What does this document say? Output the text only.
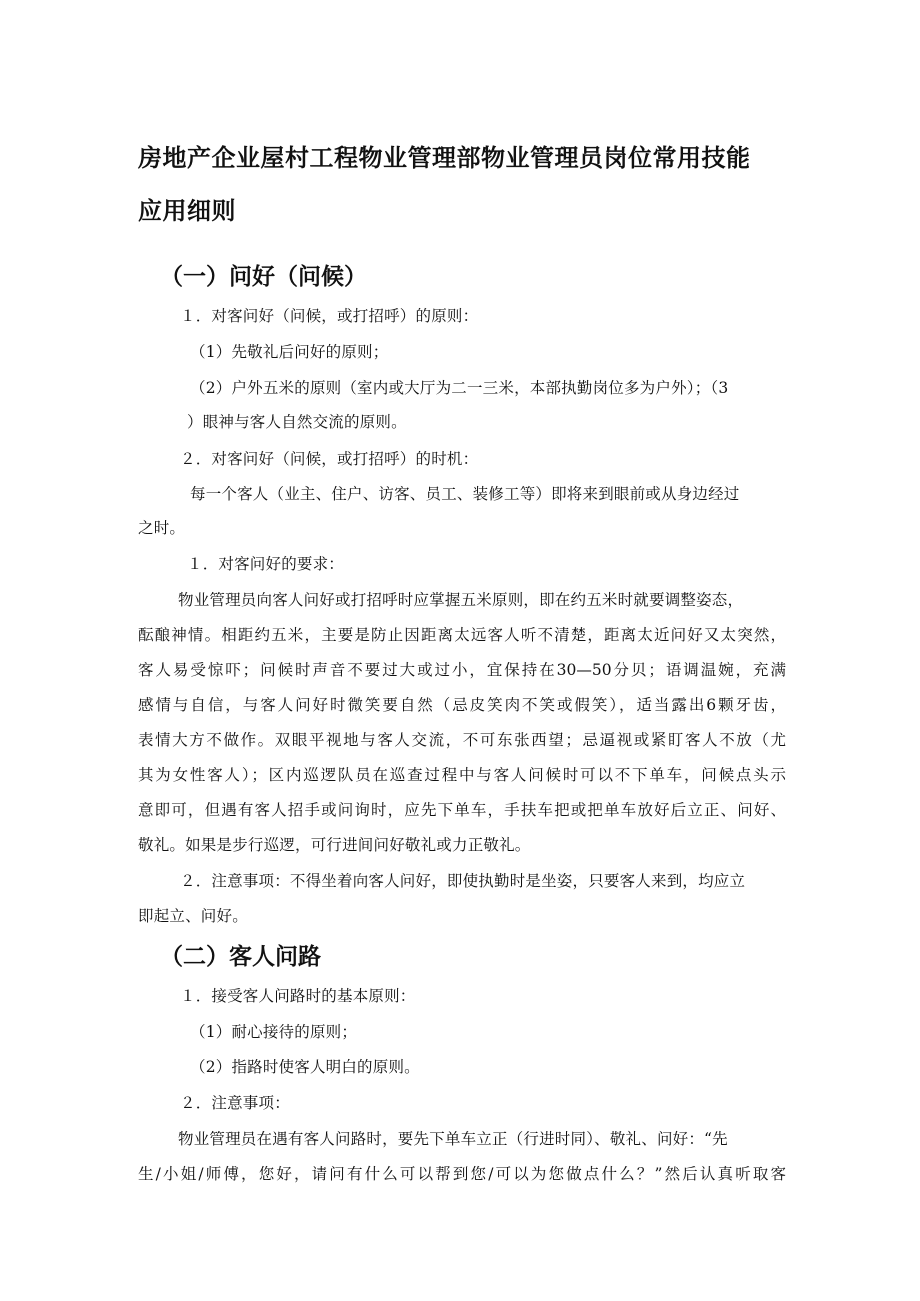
房地产企业屋村工程物业管理部物业管理员岗位常用技能
应用细则
（一）问好（问候）
１．对客问好（问候，或打招呼）的原则：
（1）先敬礼后问好的原则；
（2）户外五米的原则（室内或大厅为二一三米，本部执勤岗位多为户外）；（3
）眼神与客人自然交流的原则。
２．对客问好（问候，或打招呼）的时机：
每一个客人（业主、住户、访客、员工、装修工等）即将来到眼前或从身边经过
之时。
１．对客问好的要求：
物业管理员向客人问好或打招呼时应掌握五米原则，即在约五米时就要调整姿态，
酝酿神情。相距约五米，主要是防止因距离太远客人听不清楚，距离太近问好又太突然，
客人易受惊吓；问候时声音不要过大或过小，宜保持在30—50分贝；语调温婉，充满
感情与自信，与客人问好时微笑要自然（忌皮笑肉不笑或假笑），适当露出6颗牙齿，
表情大方不做作。双眼平视地与客人交流，不可东张西望；忌逼视或紧盯客人不放（尤
其为女性客人）；区内巡逻队员在巡查过程中与客人问候时可以不下单车，问候点头示
意即可，但遇有客人招手或问询时，应先下单车，手扶车把或把单车放好后立正、问好、
敬礼。如果是步行巡逻，可行进间问好敬礼或力正敬礼。
２．注意事项：不得坐着向客人问好，即使执勤时是坐姿，只要客人来到，均应立
即起立、问好。
（二）客人问路
１．接受客人问路时的基本原则：
（1）耐心接待的原则；
（2）指路时使客人明白的原则。
２．注意事项：
物业管理员在遇有客人问路时，要先下单车立正（行进时同）、敬礼、问好：“先
生/小姐/师傅，您好，请问有什么可以帮到您/可以为您做点什么？”然后认真听取客
